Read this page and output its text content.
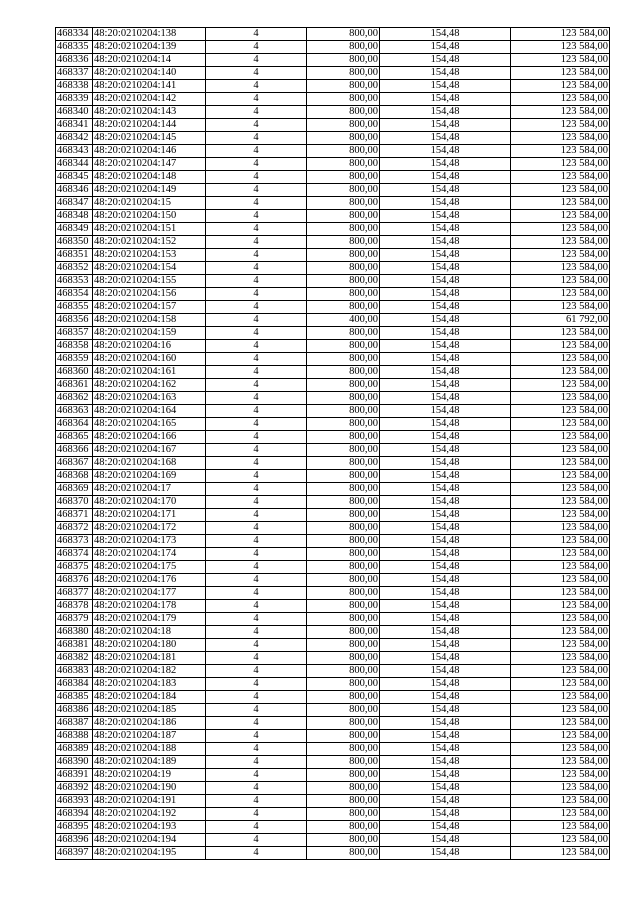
468334	48:20:0210204:138	4	800,00	154,48	123 584,00
468335	48:20:0210204:139	4	800,00	154,48	123 584,00
468336	48:20:0210204:14	4	800,00	154,48	123 584,00
468337	48:20:0210204:140	4	800,00	154,48	123 584,00
468338	48:20:0210204:141	4	800,00	154,48	123 584,00
468339	48:20:0210204:142	4	800,00	154,48	123 584,00
468340	48:20:0210204:143	4	800,00	154,48	123 584,00
468341	48:20:0210204:144	4	800,00	154,48	123 584,00
468342	48:20:0210204:145	4	800,00	154,48	123 584,00
468343	48:20:0210204:146	4	800,00	154,48	123 584,00
468344	48:20:0210204:147	4	800,00	154,48	123 584,00
468345	48:20:0210204:148	4	800,00	154,48	123 584,00
468346	48:20:0210204:149	4	800,00	154,48	123 584,00
468347	48:20:0210204:15	4	800,00	154,48	123 584,00
468348	48:20:0210204:150	4	800,00	154,48	123 584,00
468349	48:20:0210204:151	4	800,00	154,48	123 584,00
468350	48:20:0210204:152	4	800,00	154,48	123 584,00
468351	48:20:0210204:153	4	800,00	154,48	123 584,00
468352	48:20:0210204:154	4	800,00	154,48	123 584,00
468353	48:20:0210204:155	4	800,00	154,48	123 584,00
468354	48:20:0210204:156	4	800,00	154,48	123 584,00
468355	48:20:0210204:157	4	800,00	154,48	123 584,00
468356	48:20:0210204:158	4	400,00	154,48	61 792,00
468357	48:20:0210204:159	4	800,00	154,48	123 584,00
468358	48:20:0210204:16	4	800,00	154,48	123 584,00
468359	48:20:0210204:160	4	800,00	154,48	123 584,00
468360	48:20:0210204:161	4	800,00	154,48	123 584,00
468361	48:20:0210204:162	4	800,00	154,48	123 584,00
468362	48:20:0210204:163	4	800,00	154,48	123 584,00
468363	48:20:0210204:164	4	800,00	154,48	123 584,00
468364	48:20:0210204:165	4	800,00	154,48	123 584,00
468365	48:20:0210204:166	4	800,00	154,48	123 584,00
468366	48:20:0210204:167	4	800,00	154,48	123 584,00
468367	48:20:0210204:168	4	800,00	154,48	123 584,00
468368	48:20:0210204:169	4	800,00	154,48	123 584,00
468369	48:20:0210204:17	4	800,00	154,48	123 584,00
468370	48:20:0210204:170	4	800,00	154,48	123 584,00
468371	48:20:0210204:171	4	800,00	154,48	123 584,00
468372	48:20:0210204:172	4	800,00	154,48	123 584,00
468373	48:20:0210204:173	4	800,00	154,48	123 584,00
468374	48:20:0210204:174	4	800,00	154,48	123 584,00
468375	48:20:0210204:175	4	800,00	154,48	123 584,00
468376	48:20:0210204:176	4	800,00	154,48	123 584,00
468377	48:20:0210204:177	4	800,00	154,48	123 584,00
468378	48:20:0210204:178	4	800,00	154,48	123 584,00
468379	48:20:0210204:179	4	800,00	154,48	123 584,00
468380	48:20:0210204:18	4	800,00	154,48	123 584,00
468381	48:20:0210204:180	4	800,00	154,48	123 584,00
468382	48:20:0210204:181	4	800,00	154,48	123 584,00
468383	48:20:0210204:182	4	800,00	154,48	123 584,00
468384	48:20:0210204:183	4	800,00	154,48	123 584,00
468385	48:20:0210204:184	4	800,00	154,48	123 584,00
468386	48:20:0210204:185	4	800,00	154,48	123 584,00
468387	48:20:0210204:186	4	800,00	154,48	123 584,00
468388	48:20:0210204:187	4	800,00	154,48	123 584,00
468389	48:20:0210204:188	4	800,00	154,48	123 584,00
468390	48:20:0210204:189	4	800,00	154,48	123 584,00
468391	48:20:0210204:19	4	800,00	154,48	123 584,00
468392	48:20:0210204:190	4	800,00	154,48	123 584,00
468393	48:20:0210204:191	4	800,00	154,48	123 584,00
468394	48:20:0210204:192	4	800,00	154,48	123 584,00
468395	48:20:0210204:193	4	800,00	154,48	123 584,00
468396	48:20:0210204:194	4	800,00	154,48	123 584,00
468397	48:20:0210204:195	4	800,00	154,48	123 584,00
